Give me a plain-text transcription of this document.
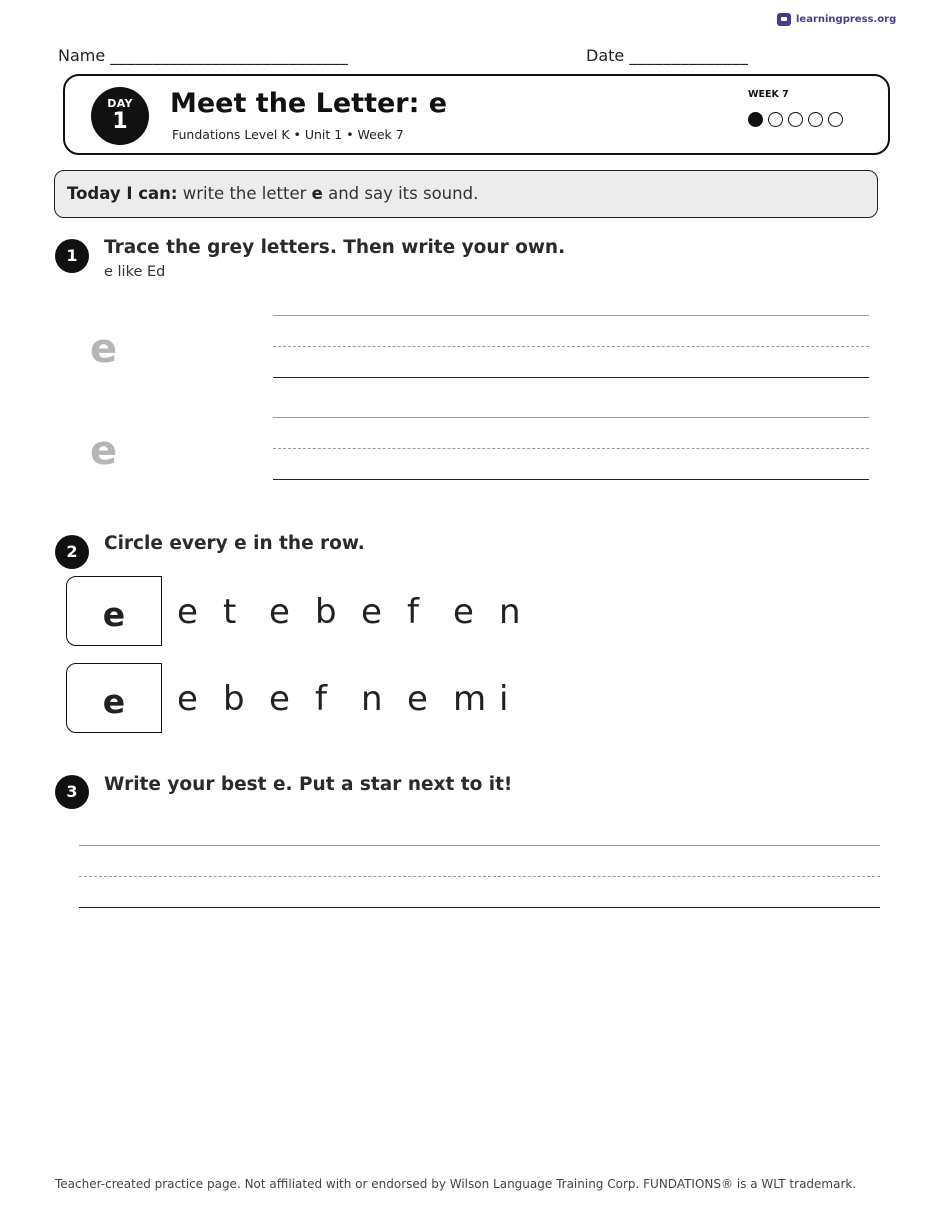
learningpress.org
Name ____________________________	Date ______________
DAY
1
Meet the Letter: e
Fundations Level K • Unit 1 • Week 7
WEEK 7
Today I can: write the letter e and say its sound.
1	Trace the grey letters. Then write your own.
e like Ed
e
e
2	Circle every e in the row.
e	e t e b e f	e n
e	e b e f	n e m i
3	Write your best e. Put a star next to it!
Teacher-created practice page. Not affiliated with or endorsed by Wilson Language Training Corp. FUNDATIONS® is a WLT trademark.
